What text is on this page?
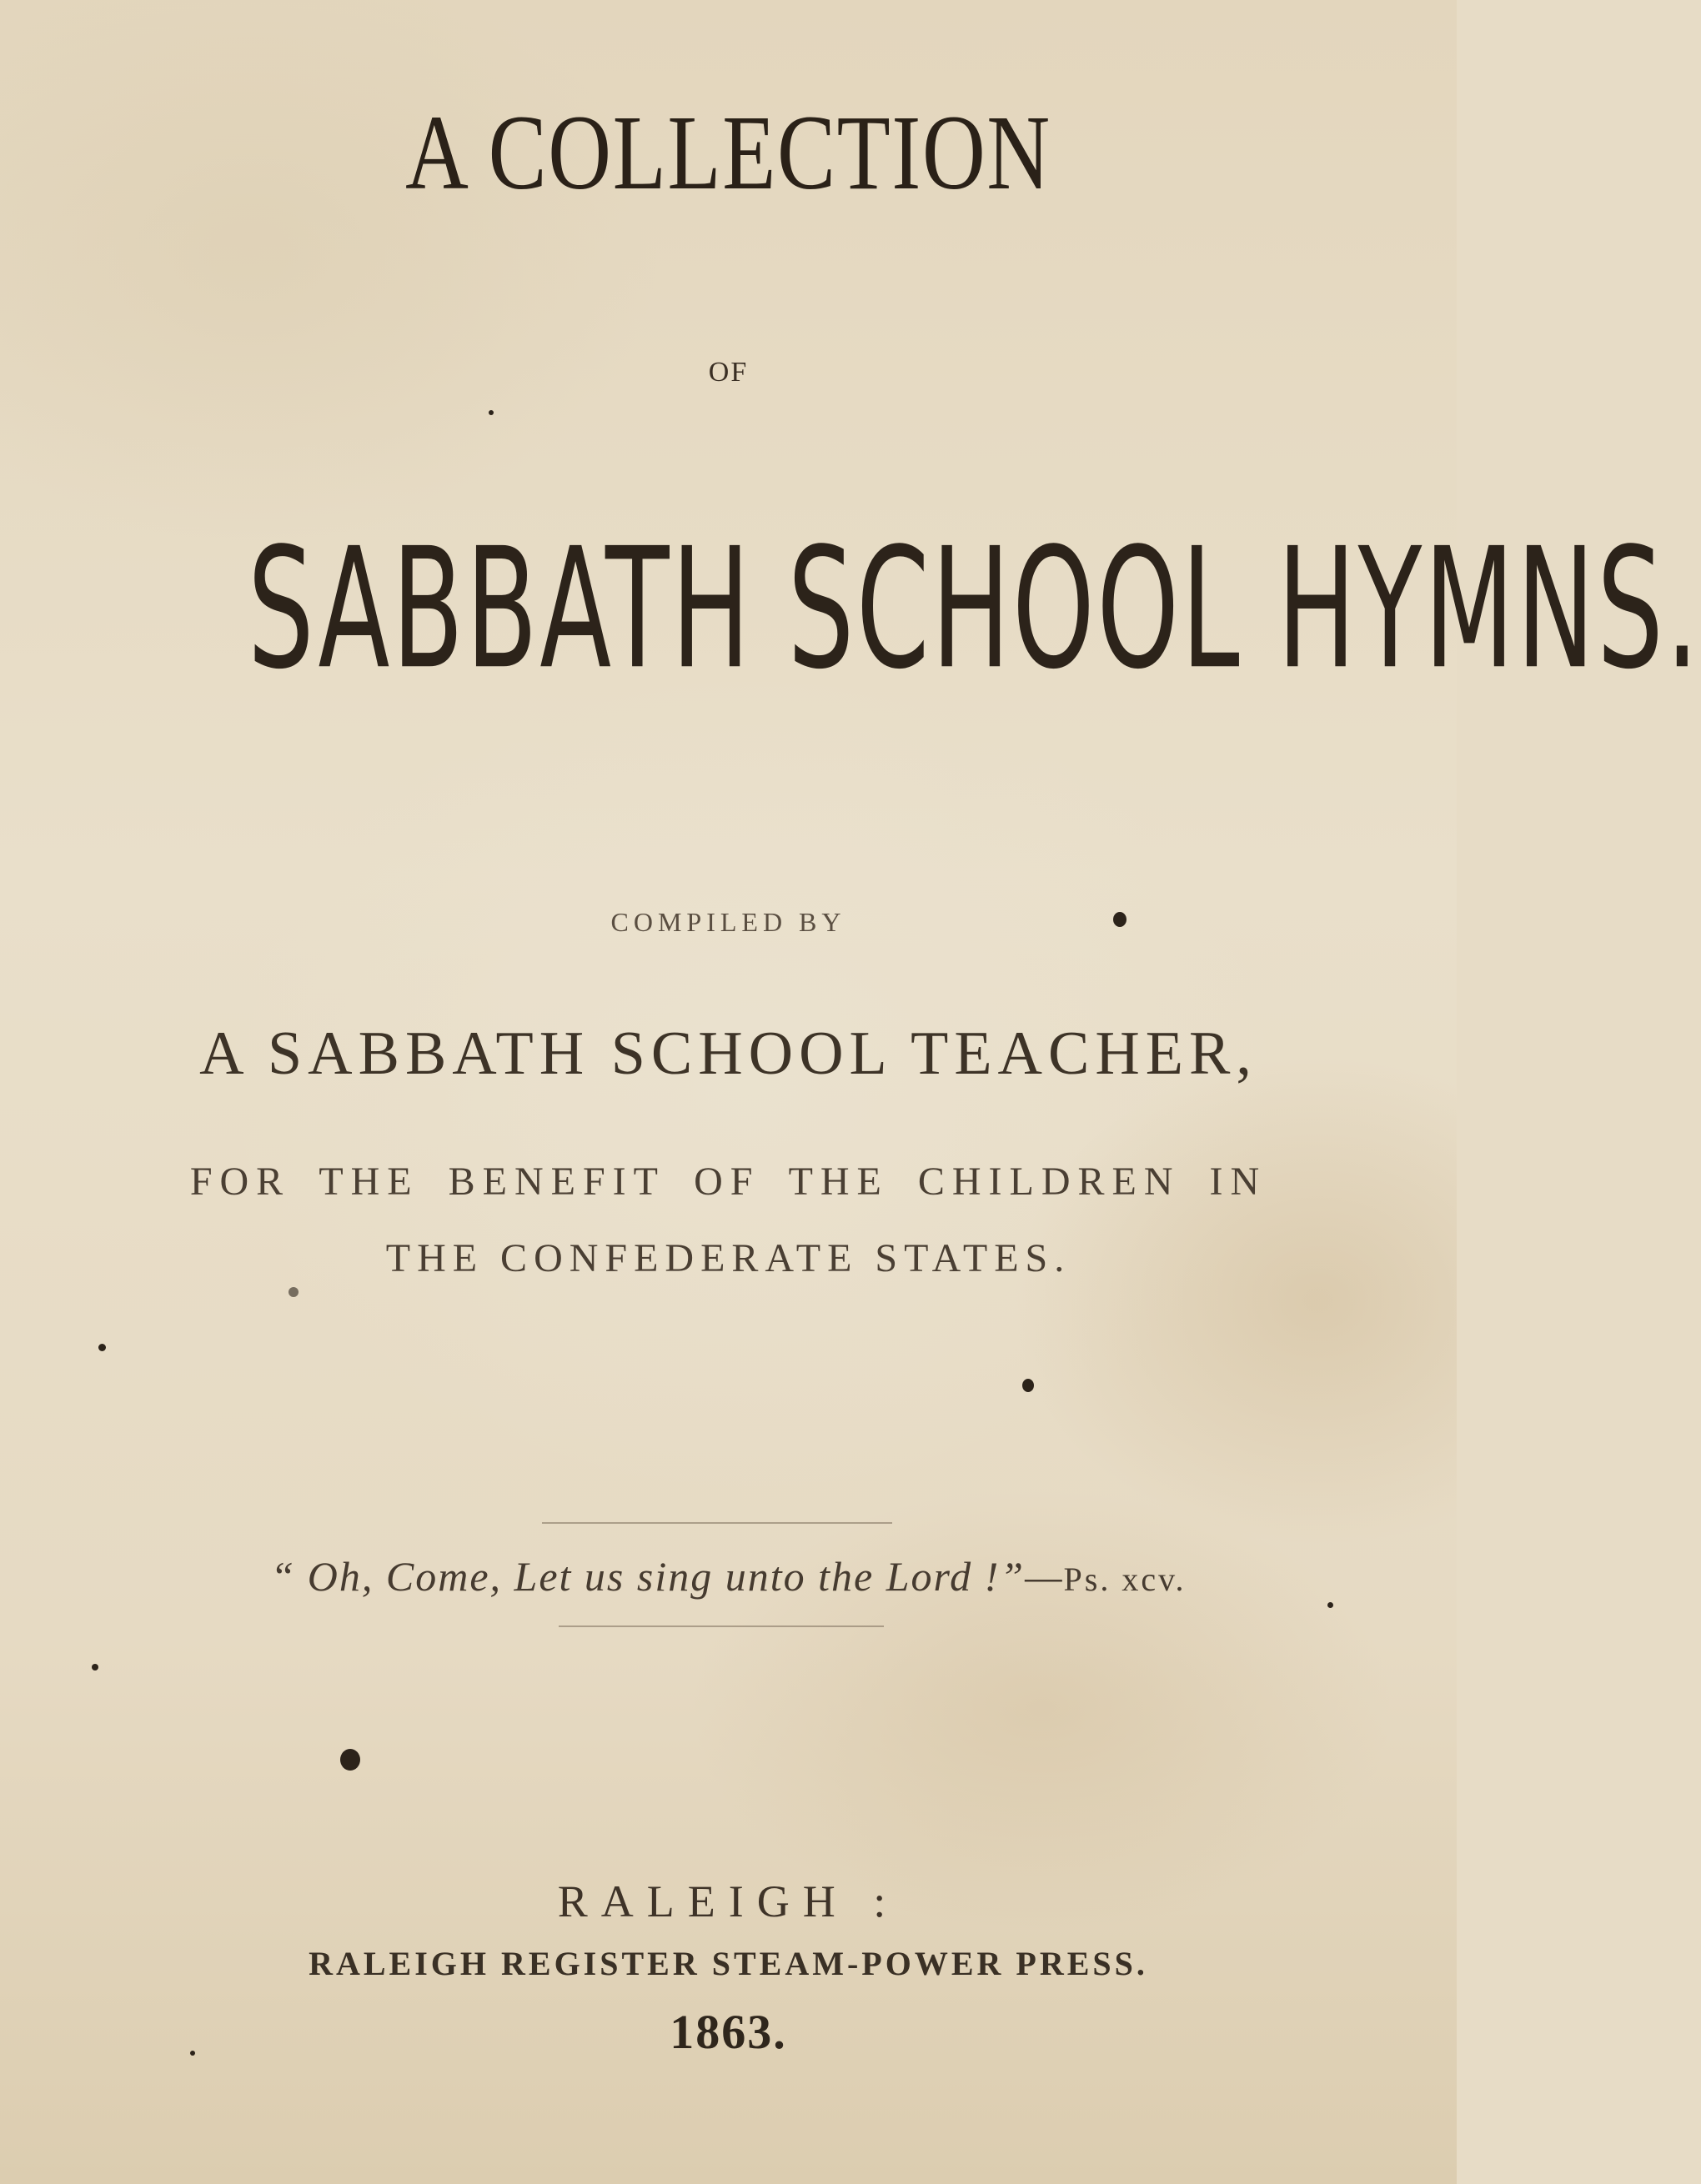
A COLLECTION
OF
SABBATH SCHOOL HYMNS.
COMPILED BY
A SABBATH SCHOOL TEACHER,
FOR THE BENEFIT OF THE CHILDREN IN
THE CONFEDERATE STATES.
“ Oh, Come, Let us sing unto the Lord !”—Ps. xcv.
RALEIGH :
RALEIGH REGISTER STEAM-POWER PRESS.
1863.
